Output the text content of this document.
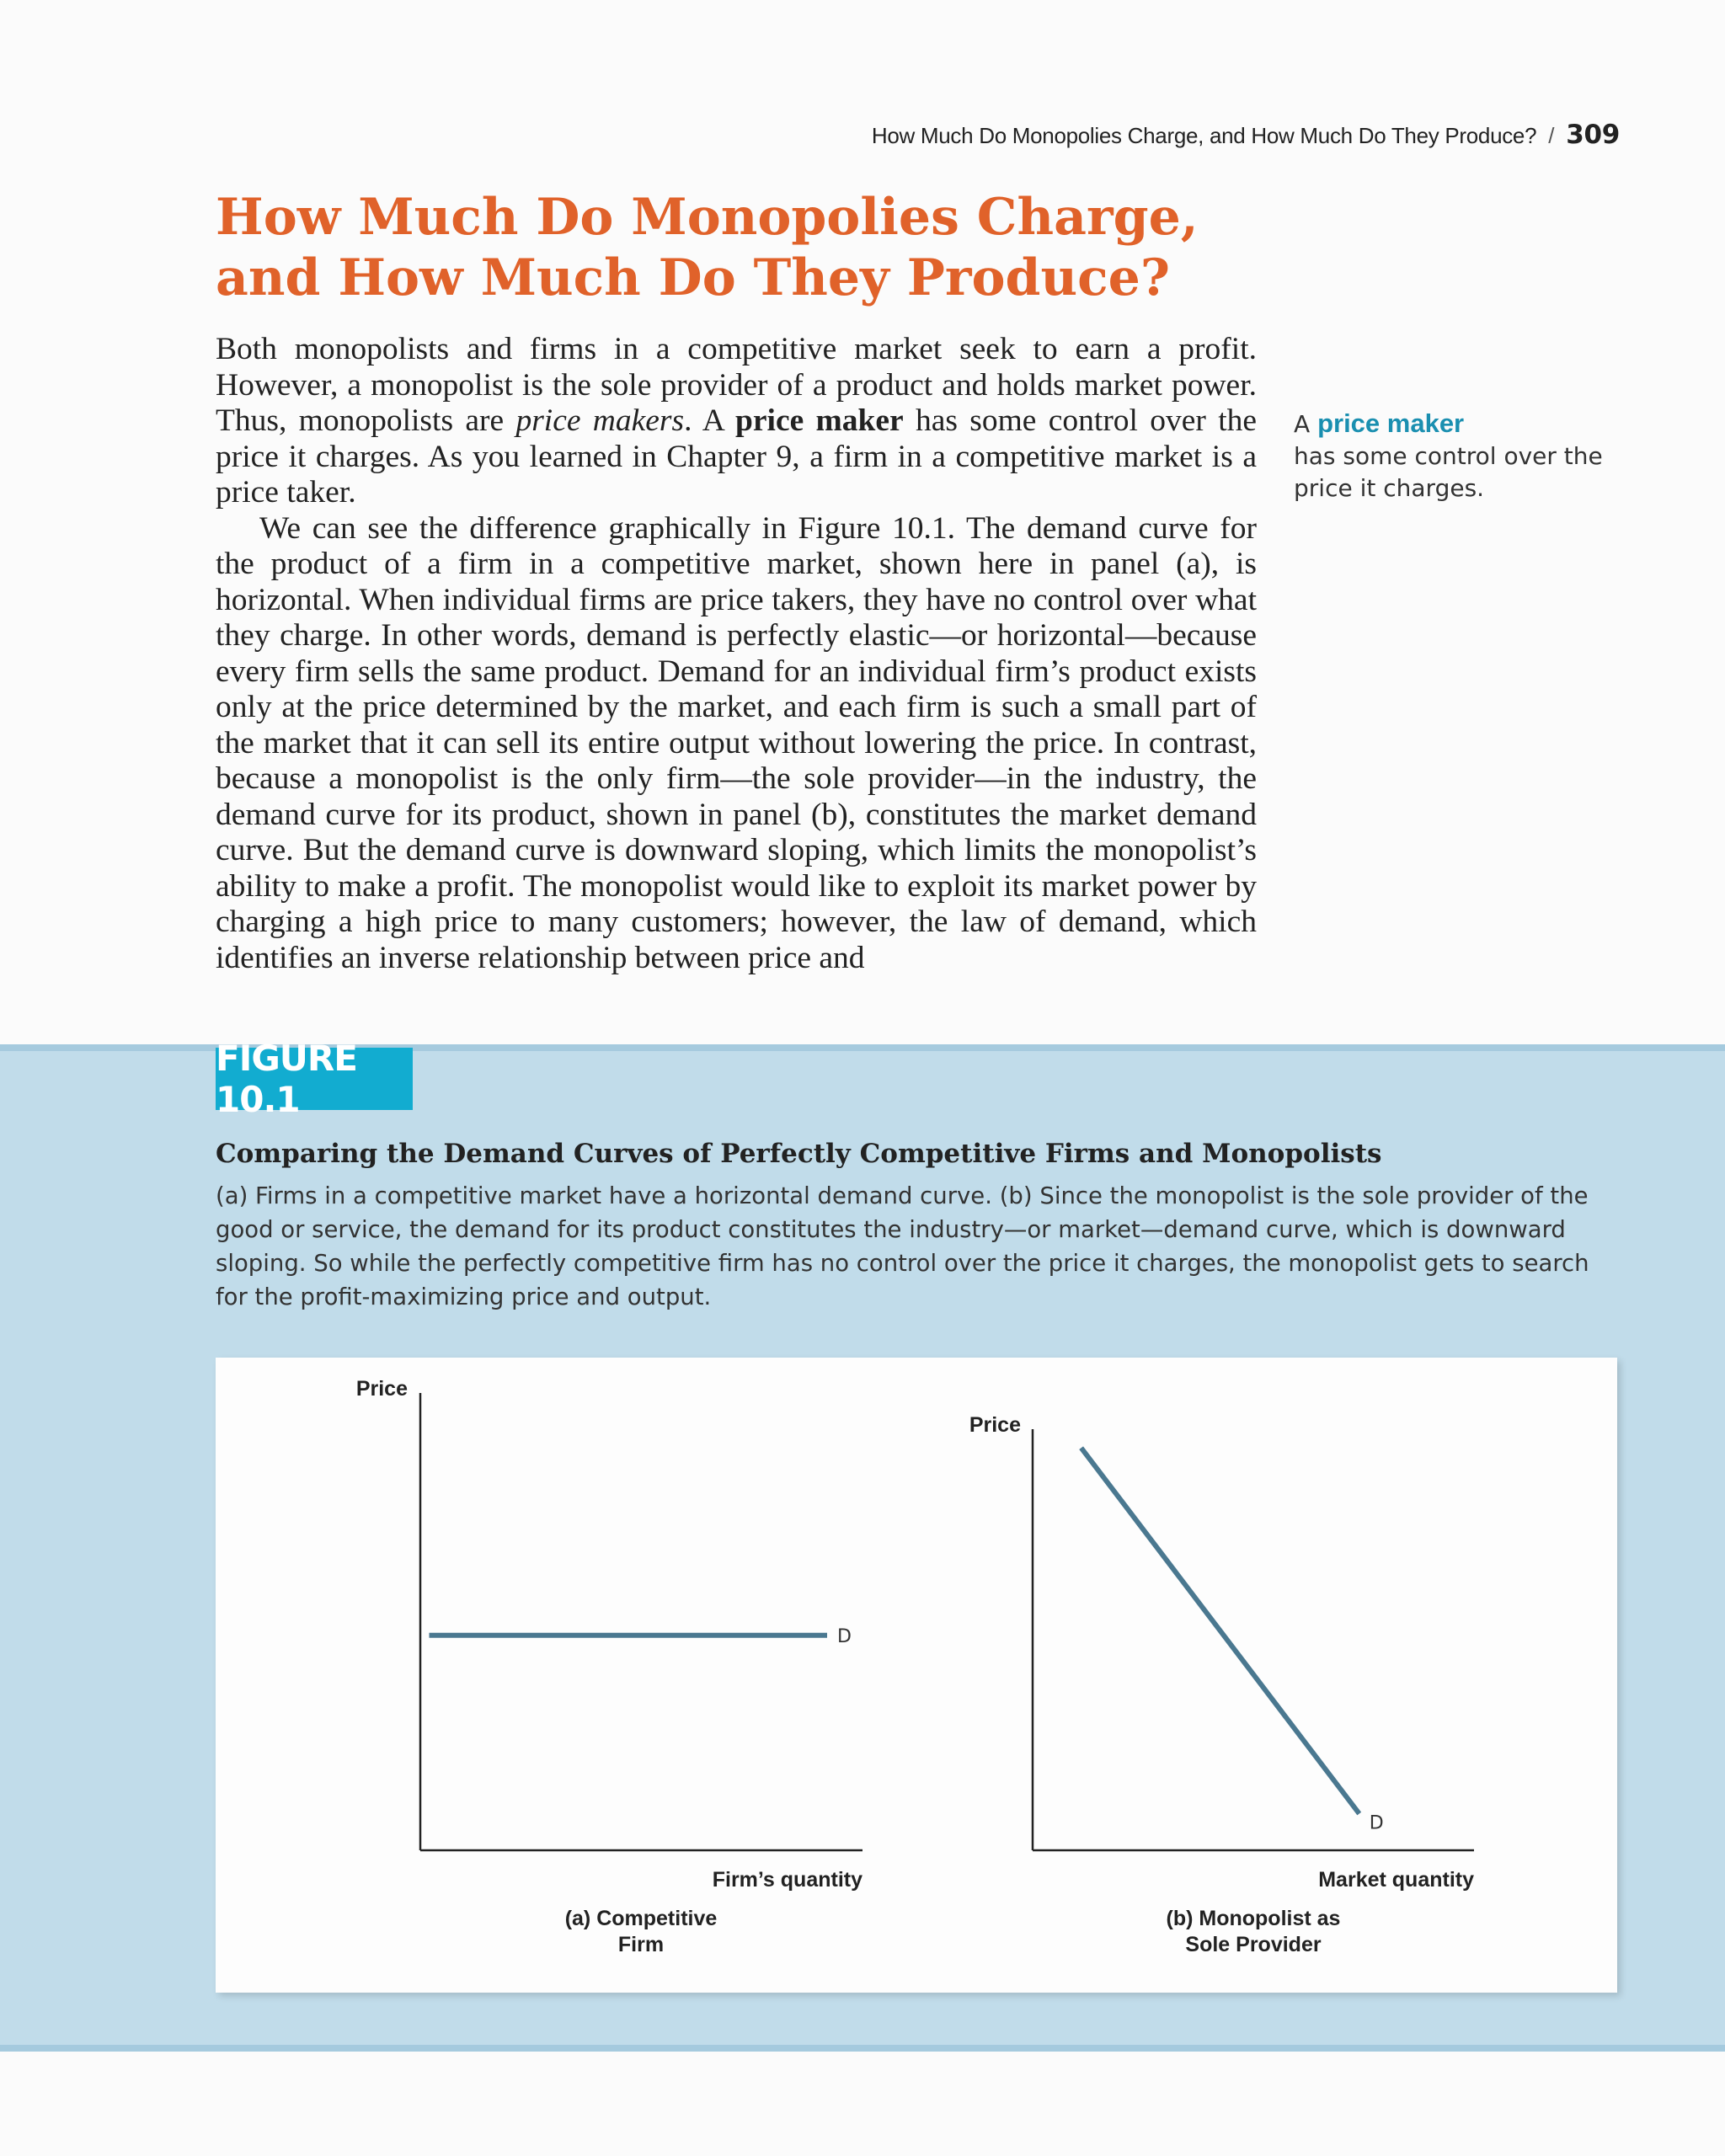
How Much Do Monopolies Charge, and How Much Do They Produce? / 309
How Much Do Monopolies Charge,
and How Much Do They Produce?

Both monopolists and firms in a competitive market seek to earn a profit. However, a monopolist is the sole provider of a product and holds market power. Thus, monopolists are price makers. A price maker has some control over the price it charges. As you learned in Chapter 9, a firm in a competitive market is a price taker.

We can see the difference graphically in Figure 10.1. The demand curve for the product of a firm in a competitive market, shown here in panel (a), is horizontal. When individual firms are price takers, they have no control over what they charge. In other words, demand is perfectly elastic—or horizontal—because every firm sells the same product. Demand for an individual firm’s product exists only at the price determined by the market, and each firm is such a small part of the market that it can sell its entire output without lowering the price. In contrast, because a monopolist is the only firm—the sole provider—in the industry, the demand curve for its product, shown in panel (b), constitutes the market demand curve. But the demand curve is downward sloping, which limits the monopolist’s ability to make a profit. The monopolist would like to exploit its market power by charging a high price to many customers; however, the law of demand, which identifies an inverse relationship between price and

A price maker
has some control over the price it charges.
FIGURE 10.1
Comparing the Demand Curves of Perfectly Competitive Firms and Monopolists
(a) Firms in a competitive market have a horizontal demand curve. (b) Since the monopolist is the sole provider of the good or service, the demand for its product constitutes the industry—or market—demand curve, which is downward sloping. So while the perfectly competitive firm has no control over the price it charges, the monopolist gets to search for the profit-maximizing price and output.
Price
Firm’s quantity
D
(a) Competitive
Firm
Price
Market quantity
D
(b) Monopolist as
Sole Provider
